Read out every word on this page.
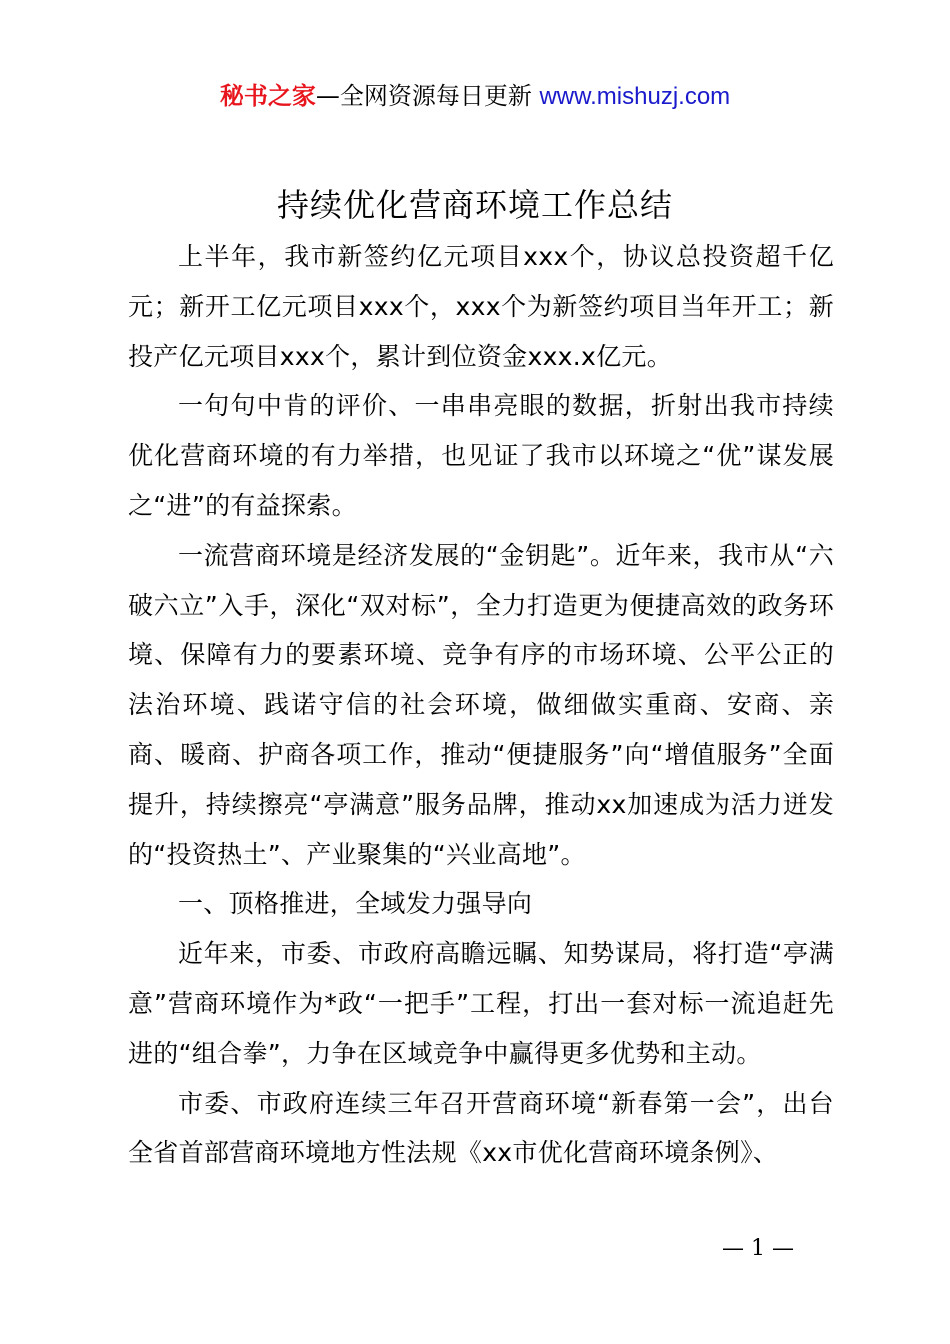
秘书之家—全网资源每日更新 www.mishuzj.com
持续优化营商环境工作总结

上半年，我市新签约亿元项目xxx个，协议总投资超千亿元；新开工亿元项目xxx个，xxx个为新签约项目当年开工；新投产亿元项目xxx个，累计到位资金xxx.x亿元。

一句句中肯的评价、一串串亮眼的数据，折射出我市持续优化营商环境的有力举措，也见证了我市以环境之“优”谋发展之“进”的有益探索。

一流营商环境是经济发展的“金钥匙”。近年来，我市从“六破六立”入手，深化“双对标”，全力打造更为便捷高效的政务环境、保障有力的要素环境、竞争有序的市场环境、公平公正的法治环境、践诺守信的社会环境，做细做实重商、安商、亲商、暖商、护商各项工作，推动“便捷服务”向“增值服务”全面提升，持续擦亮“亭满意”服务品牌，推动xx加速成为活力迸发的“投资热土”、产业聚集的“兴业高地”。

一、顶格推进，全域发力强导向

近年来，市委、市政府高瞻远瞩、知势谋局，将打造“亭满意”营商环境作为*政“一把手”工程，打出一套对标一流追赶先进的“组合拳”，力争在区域竞争中赢得更多优势和主动。

市委、市政府连续三年召开营商环境“新春第一会”，出台全省首部营商环境地方性法规《xx市优化营商环境条例》、

— 1 —
